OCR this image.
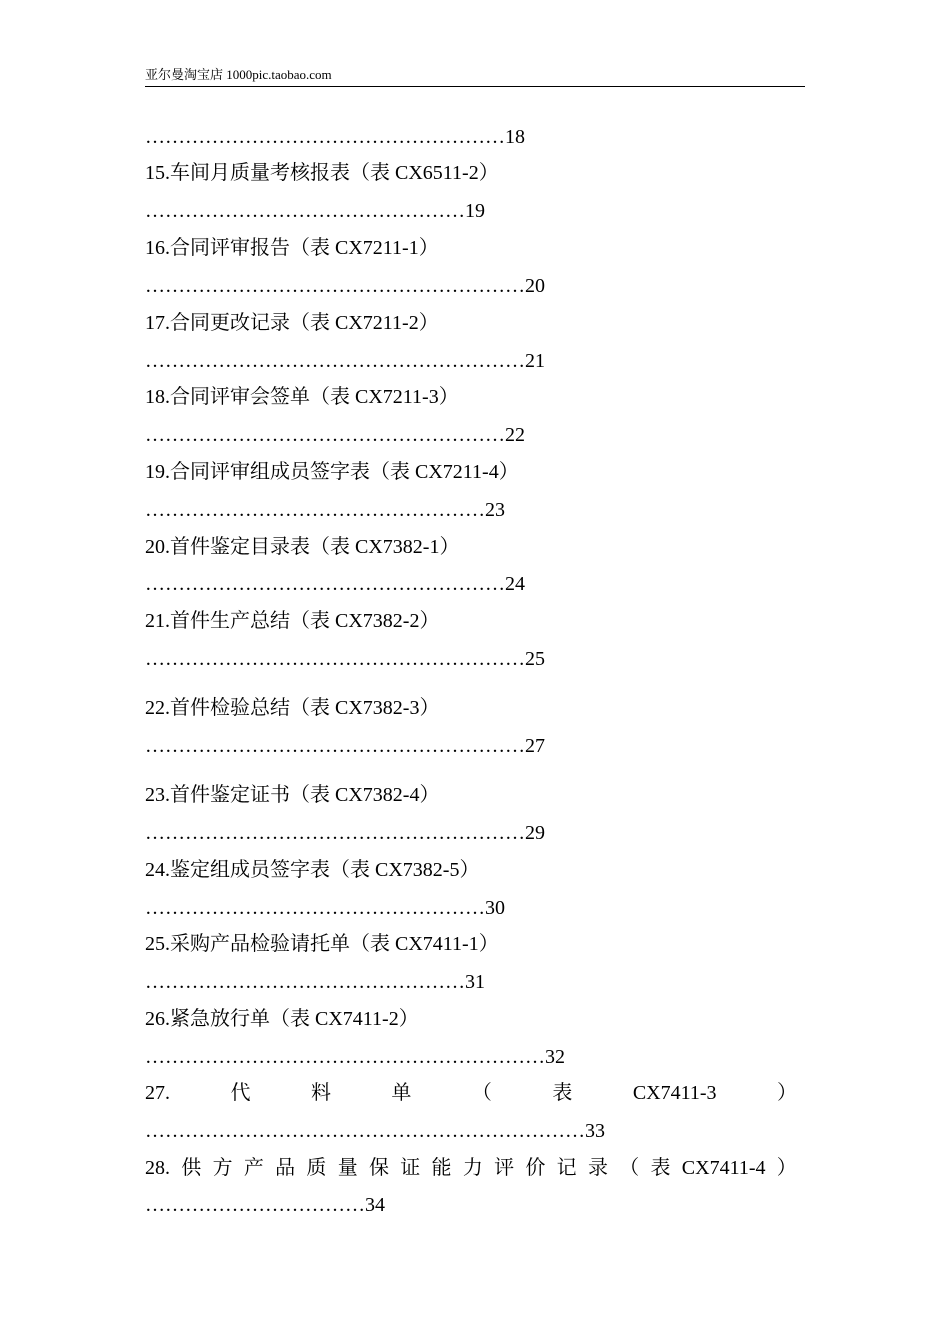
亚尔曼淘宝店 1000pic.taobao.com
………………………………………………18
15.车间月质量考核报表（表 CX6511-2）
…………………………………………19
16.合同评审报告（表 CX7211-1）
…………………………………………………20
17.合同更改记录（表 CX7211-2）
…………………………………………………21
18.合同评审会签单（表 CX7211-3）
………………………………………………22
19.合同评审组成员签字表（表 CX7211-4）
……………………………………………23
20.首件鉴定目录表（表 CX7382-1）
………………………………………………24
21.首件生产总结（表 CX7382-2）
…………………………………………………25
22.首件检验总结（表 CX7382-3）
…………………………………………………27
23.首件鉴定证书（表 CX7382-4）
…………………………………………………29
24.鉴定组成员签字表（表 CX7382-5）
……………………………………………30
25.采购产品检验请托单（表 CX7411-1）
…………………………………………31
26.紧急放行单（表 CX7411-2）
……………………………………………………32
27.	代	料	单	（	表	CX7411-3	）
…………………………………………………………33
28. 供 方 产 品 质 量 保 证 能 力 评 价 记 录 （ 表 CX7411-4 ）
……………………………34
